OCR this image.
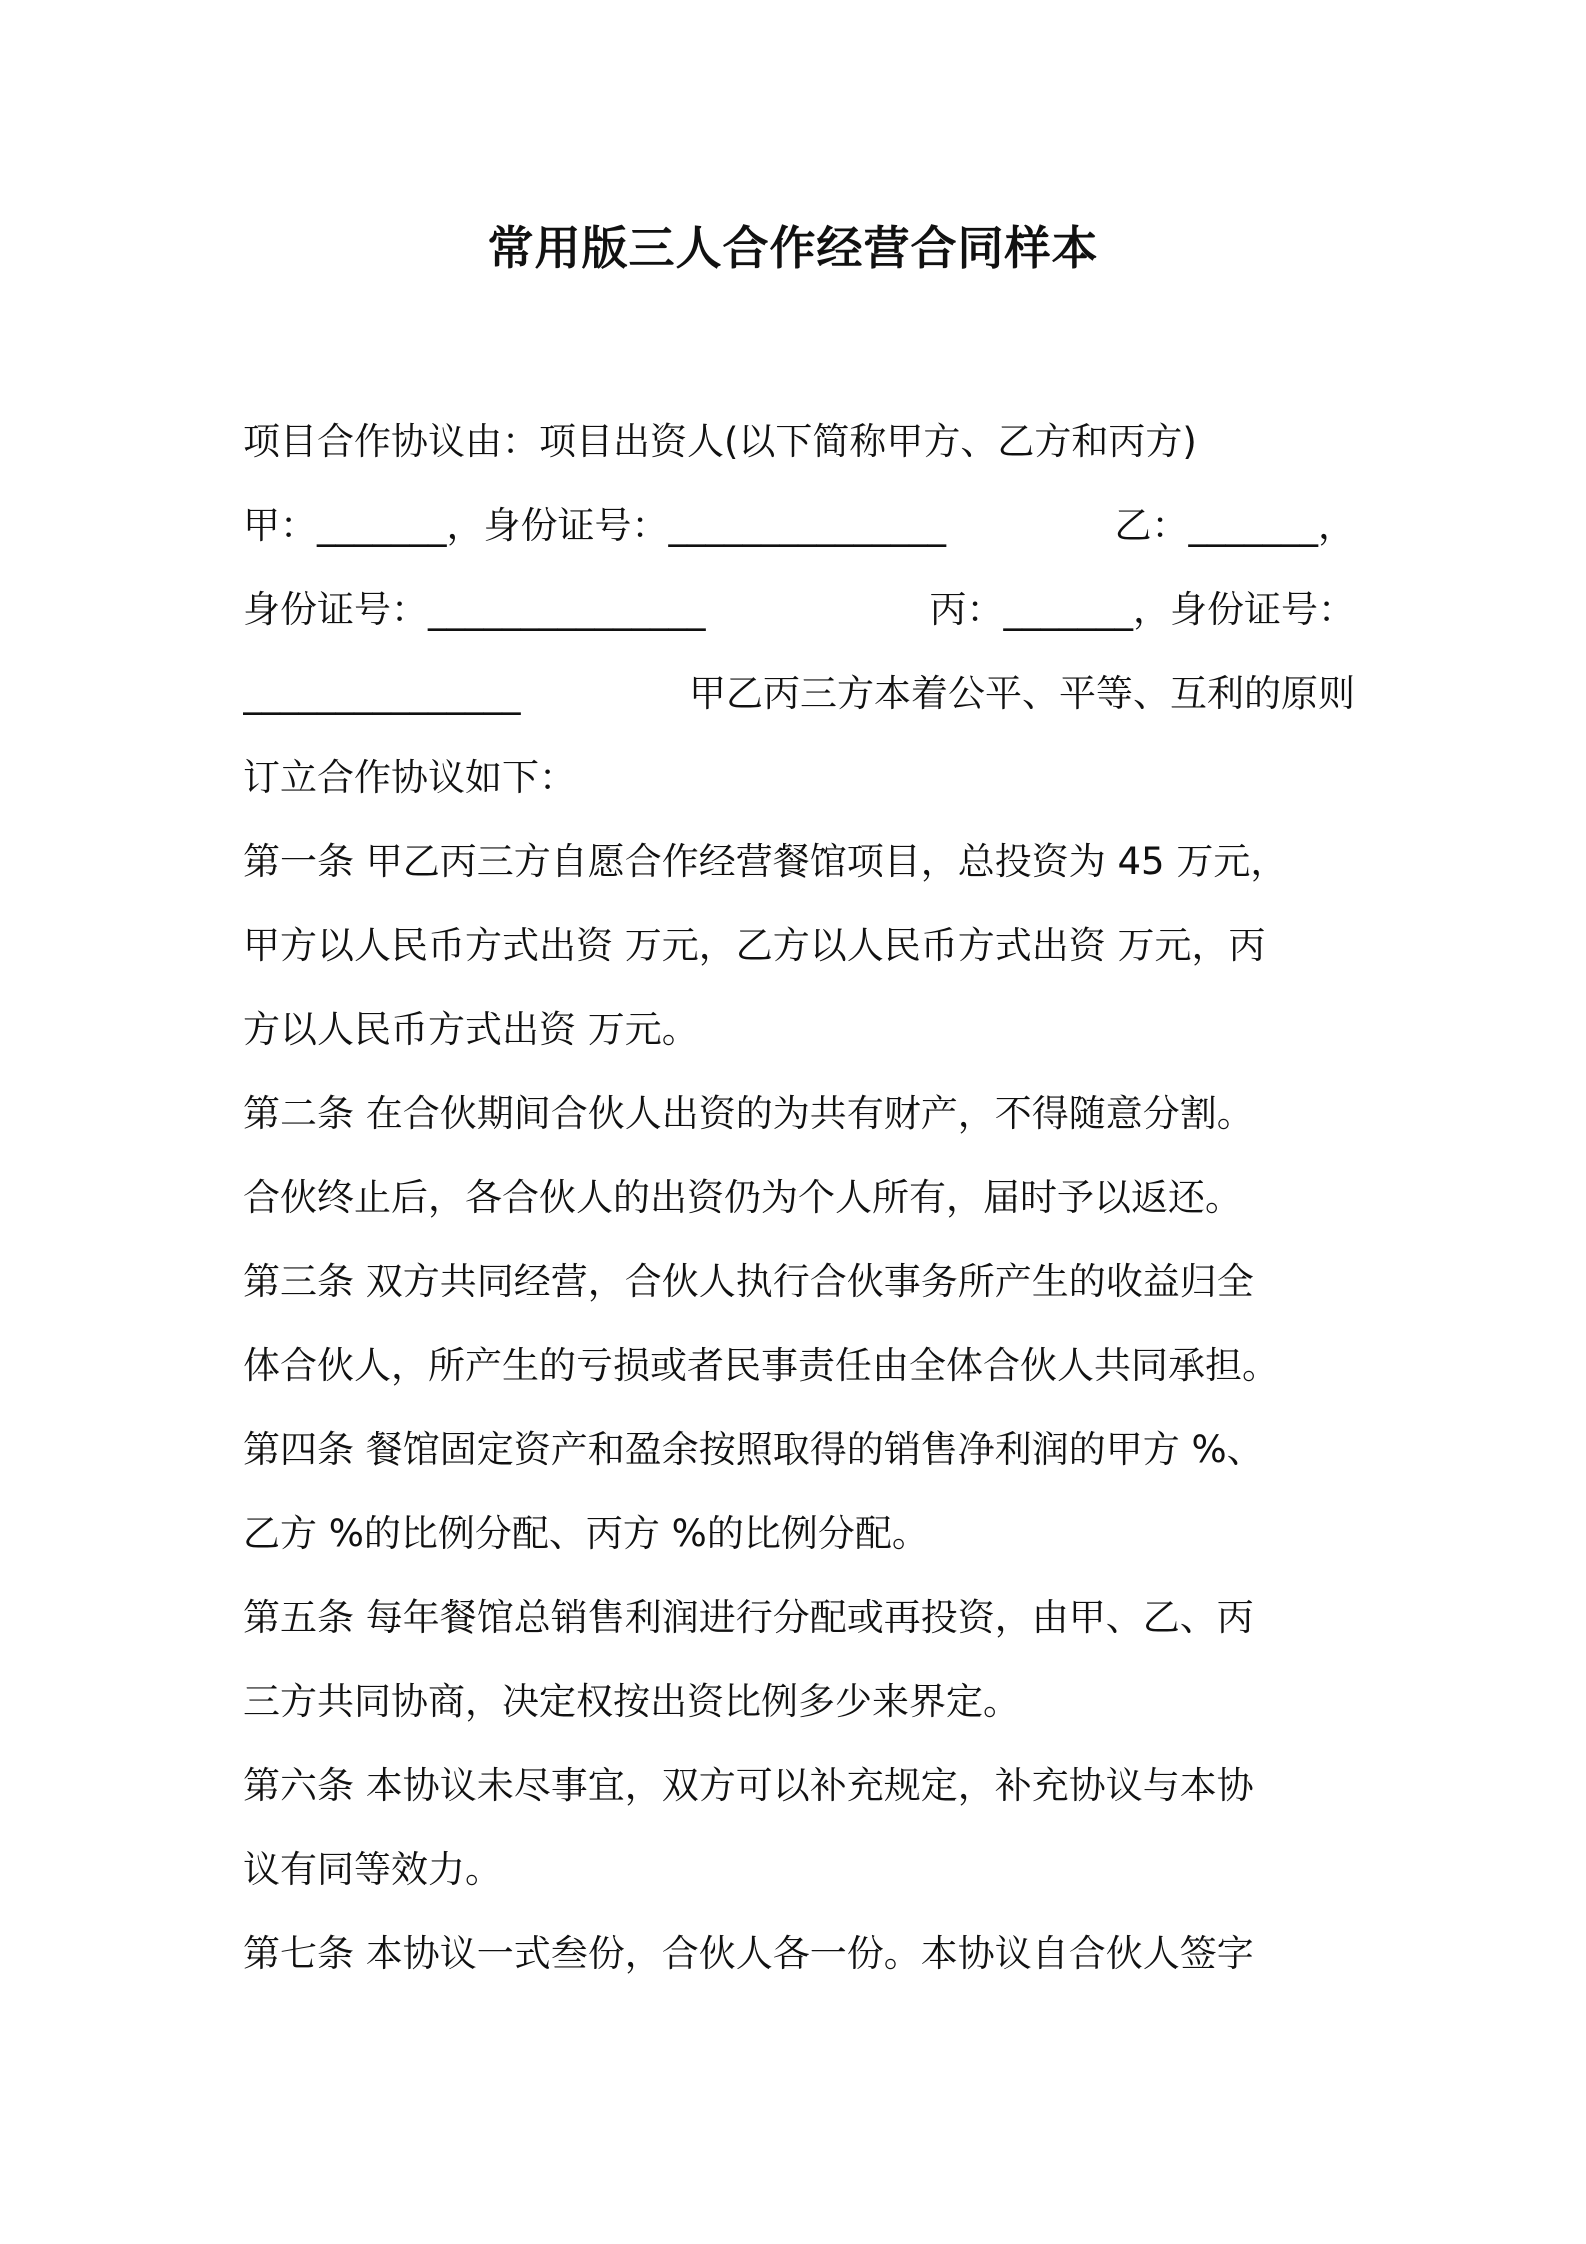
常用版三人合作经营合同样本
项目合作协议由：项目出资人(以下简称甲方、乙方和丙方)
甲：_______，身份证号：_______________	乙：_______，
身份证号：_______________	丙：_______，身份证号：
_______________	甲乙丙三方本着公平、平等、互利的原则
订立合作协议如下：
第一条 甲乙丙三方自愿合作经营餐馆项目，总投资为 45 万元，
甲方以人民币方式出资 万元，乙方以人民币方式出资 万元，丙
方以人民币方式出资 万元。
第二条 在合伙期间合伙人出资的为共有财产，不得随意分割。
合伙终止后，各合伙人的出资仍为个人所有，届时予以返还。
第三条 双方共同经营，合伙人执行合伙事务所产生的收益归全
体合伙人，所产生的亏损或者民事责任由全体合伙人共同承担。
第四条 餐馆固定资产和盈余按照取得的销售净利润的甲方 %、
乙方 %的比例分配、丙方 %的比例分配。
第五条 每年餐馆总销售利润进行分配或再投资，由甲、乙、丙
三方共同协商，决定权按出资比例多少来界定。
第六条 本协议未尽事宜，双方可以补充规定，补充协议与本协
议有同等效力。
第七条 本协议一式叁份，合伙人各一份。本协议自合伙人签字
